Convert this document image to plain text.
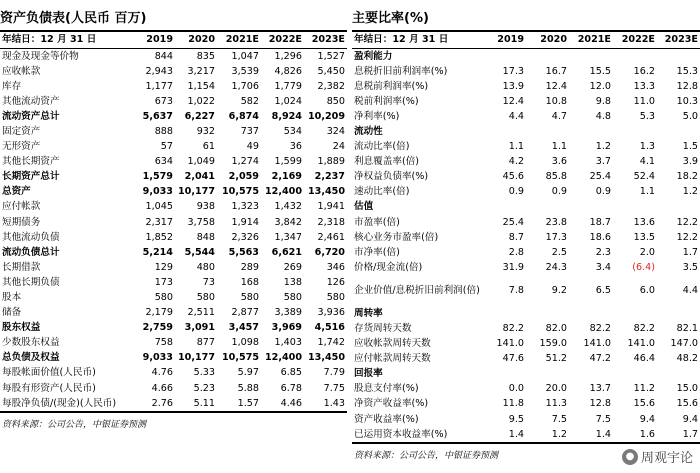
资产负债表(人民币 百万)
年结日：12 月 31 日	2019	2020	2021E	2022E	2023E
现金及现金等价物	844	835	1,047	1,296	1,527
应收帐款	2,943	3,217	3,539	4,826	5,450
库存	1,177	1,154	1,706	1,779	2,382
其他流动资产	673	1,022	582	1,024	850
流动资产总计	5,637	6,227	6,874	8,924	10,209
固定资产	888	932	737	534	324
无形资产	57	61	49	36	24
其他长期资产	634	1,049	1,274	1,599	1,889
长期资产总计	1,579	2,041	2,059	2,169	2,237
总资产	9,033	10,177	10,575	12,400	13,450
应付帐款	1,045	938	1,323	1,432	1,941
短期债务	2,317	3,758	1,914	3,842	2,318
其他流动负债	1,852	848	2,326	1,347	2,461
流动负债总计	5,214	5,544	5,563	6,621	6,720
长期借款	129	480	289	269	346
其他长期负债	173	73	168	138	126
股本	580	580	580	580	580
储备	2,179	2,511	2,877	3,389	3,936
股东权益	2,759	3,091	3,457	3,969	4,516
少数股东权益	758	877	1,098	1,403	1,742
总负债及权益	9,033	10,177	10,575	12,400	13,450
每股帐面价值(人民币)	4.76	5.33	5.97	6.85	7.79
每股有形资产(人民币)	4.66	5.23	5.88	6.78	7.75
每股净负债/(现金)(人民币)	2.76	5.11	1.57	4.46	1.43
资料来源：公司公告，中银证券预测
主要比率(%)
年结日：12 月 31 日	2019	2020	2021E	2022E	2023E
盈利能力					
息税折旧前利润率(%)	17.3	16.7	15.5	16.2	15.3
息税前利润率(%)	13.9	12.4	12.0	13.3	12.8
税前利润率(%)	12.4	10.8	9.8	11.0	10.3
净利率(%)	4.4	4.7	4.8	5.3	5.0
流动性					
流动比率(倍)	1.1	1.1	1.2	1.3	1.5
利息覆盖率(倍)	4.2	3.6	3.7	4.1	3.9
净权益负债率(%)	45.6	85.8	25.4	52.4	18.2
速动比率(倍)	0.9	0.9	0.9	1.1	1.2
估值					
市盈率(倍)	25.4	23.8	18.7	13.6	12.2
核心业务市盈率(倍)	8.7	17.3	18.6	13.5	12.2
市净率(倍)	2.8	2.5	2.3	2.0	1.7
价格/现金流(倍)	31.9	24.3	3.4	(6.4)	3.5
企业价值/息税折旧前利润(倍)	7.8	9.2	6.5	6.0	4.4
周转率					
存货周转天数	82.2	82.0	82.2	82.2	82.1
应收帐款周转天数	141.0	159.0	141.0	141.0	147.0
应付帐款周转天数	47.6	51.2	47.2	46.4	48.2
回报率					
股息支付率(%)	0.0	20.0	13.7	11.2	15.0
净资产收益率(%)	11.8	11.3	12.8	15.6	15.6
资产收益率(%)	9.5	7.5	7.5	9.4	9.4
已运用资本收益率(%)	1.4	1.2	1.4	1.6	1.7
资料来源：公司公告，中银证券预测	● 周观宇论
